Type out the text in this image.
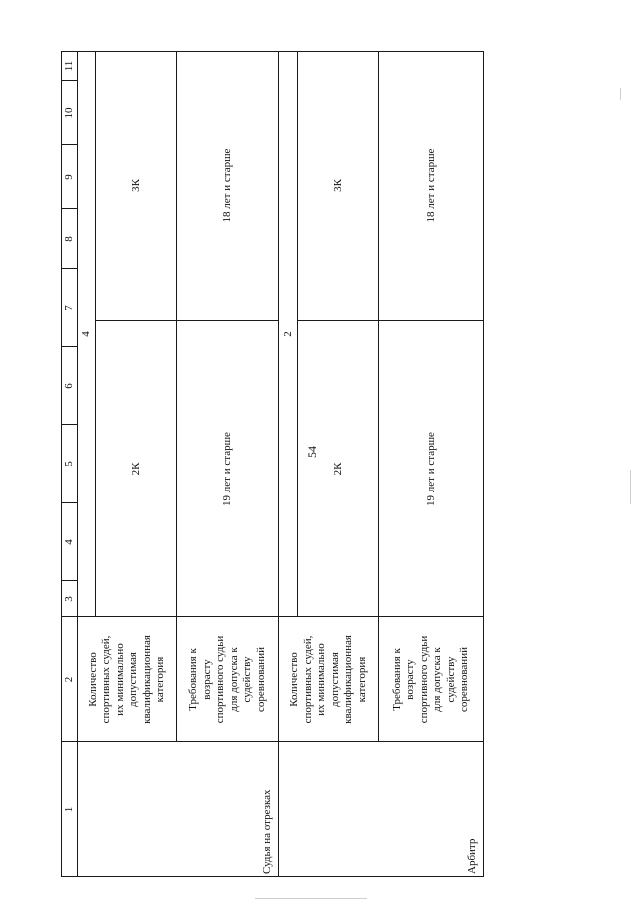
54
1
2
3
4
5
6
7
8
9
10
11
Судья на отрезках
Количество
спортивных судей,
их минимально
допустимая
квалификационная
категория	Требования к
возрасту
спортивного судьи
для допуска к
судейству
соревнований
4
2К
3К
19 лет и старше
18 лет и старше
Арбитр
Количество
спортивных судей,
их минимально
допустимая
квалификационная
категория	Требования к
возрасту
спортивного судьи
для допуска к
судейству
соревнований
2
2К
3К
19 лет и старше
18 лет и старше
